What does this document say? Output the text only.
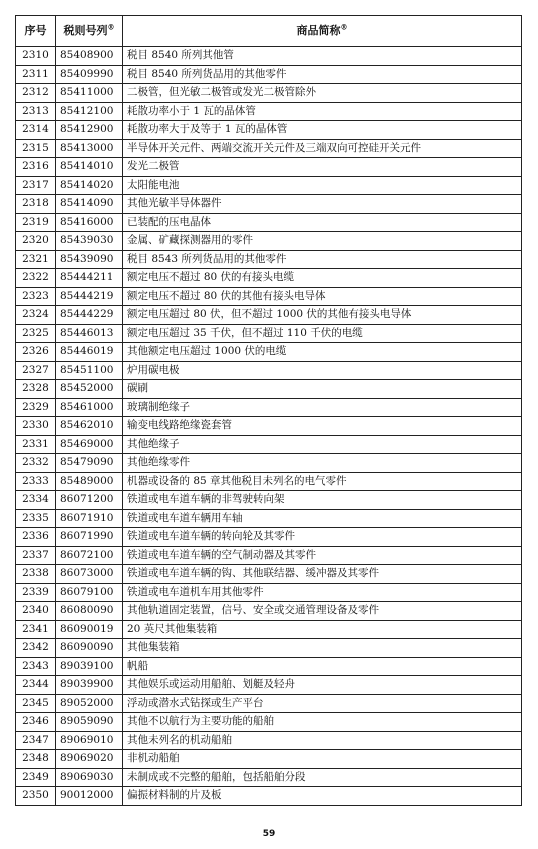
序号	税则号列®	商品简称®
2310	85408900	税目 8540 所列其他管
2311	85409990	税目 8540 所列货品用的其他零件
2312	85411000	二极管，但光敏二极管或发光二极管除外
2313	85412100	耗散功率小于 1 瓦的晶体管
2314	85412900	耗散功率大于及等于 1 瓦的晶体管
2315	85413000	半导体开关元件、两端交流开关元件及三端双向可控硅开关元件
2316	85414010	发光二极管
2317	85414020	太阳能电池
2318	85414090	其他光敏半导体器件
2319	85416000	已装配的压电晶体
2320	85439030	金属、矿藏探测器用的零件
2321	85439090	税目 8543 所列货品用的其他零件
2322	85444211	额定电压不超过 80 伏的有接头电缆
2323	85444219	额定电压不超过 80 伏的其他有接头电导体
2324	85444229	额定电压超过 80 伏，但不超过 1000 伏的其他有接头电导体
2325	85446013	额定电压超过 35 千伏，但不超过 110 千伏的电缆
2326	85446019	其他额定电压超过 1000 伏的电缆
2327	85451100	炉用碳电极
2328	85452000	碳刷
2329	85461000	玻璃制绝缘子
2330	85462010	输变电线路绝缘瓷套管
2331	85469000	其他绝缘子
2332	85479090	其他绝缘零件
2333	85489000	机器或设备的 85 章其他税目未列名的电气零件
2334	86071200	铁道或电车道车辆的非驾驶转向架
2335	86071910	铁道或电车道车辆用车轴
2336	86071990	铁道或电车道车辆的转向轮及其零件
2337	86072100	铁道或电车道车辆的空气制动器及其零件
2338	86073000	铁道或电车道车辆的钩、其他联结器、缓冲器及其零件
2339	86079100	铁道或电车道机车用其他零件
2340	86080090	其他轨道固定装置，信号、安全或交通管理设备及零件
2341	86090019	20 英尺其他集装箱
2342	86090090	其他集装箱
2343	89039100	帆船
2344	89039900	其他娱乐或运动用船舶、划艇及轻舟
2345	89052000	浮动或潜水式钻探或生产平台
2346	89059090	其他不以航行为主要功能的船舶
2347	89069010	其他未列名的机动船舶
2348	89069020	非机动船舶
2349	89069030	未制成或不完整的船舶，包括船舶分段
2350	90012000	偏振材料制的片及板
59
